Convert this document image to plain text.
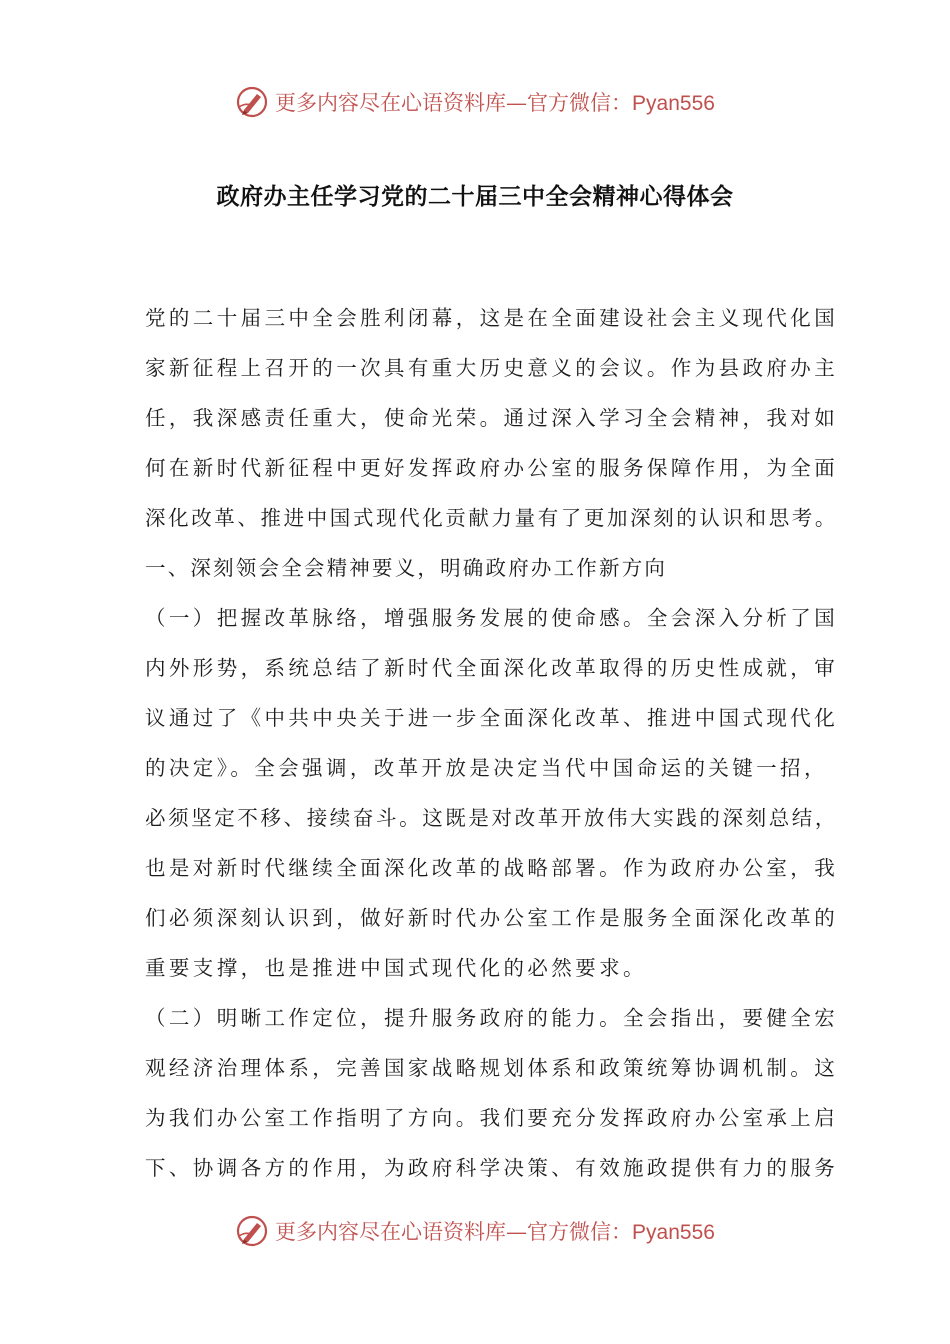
更多内容尽在心语资料库—官方微信：Pyan556
政府办主任学习党的二十届三中全会精神心得体会
党的二十届三中全会胜利闭幕，这是在全面建设社会主义现代化国
家新征程上召开的一次具有重大历史意义的会议。作为县政府办主
任，我深感责任重大，使命光荣。通过深入学习全会精神，我对如
何在新时代新征程中更好发挥政府办公室的服务保障作用，为全面
深化改革、推进中国式现代化贡献力量有了更加深刻的认识和思考。
一、深刻领会全会精神要义，明确政府办工作新方向
（一）把握改革脉络，增强服务发展的使命感。全会深入分析了国
内外形势，系统总结了新时代全面深化改革取得的历史性成就，审
议通过了《中共中央关于进一步全面深化改革、推进中国式现代化
的决定》。全会强调，改革开放是决定当代中国命运的关键一招，
必须坚定不移、接续奋斗。这既是对改革开放伟大实践的深刻总结，
也是对新时代继续全面深化改革的战略部署。作为政府办公室，我
们必须深刻认识到，做好新时代办公室工作是服务全面深化改革的
重要支撑，也是推进中国式现代化的必然要求。
（二）明晰工作定位，提升服务政府的能力。全会指出，要健全宏
观经济治理体系，完善国家战略规划体系和政策统筹协调机制。这
为我们办公室工作指明了方向。我们要充分发挥政府办公室承上启
下、协调各方的作用，为政府科学决策、有效施政提供有力的服务
更多内容尽在心语资料库—官方微信：Pyan556
